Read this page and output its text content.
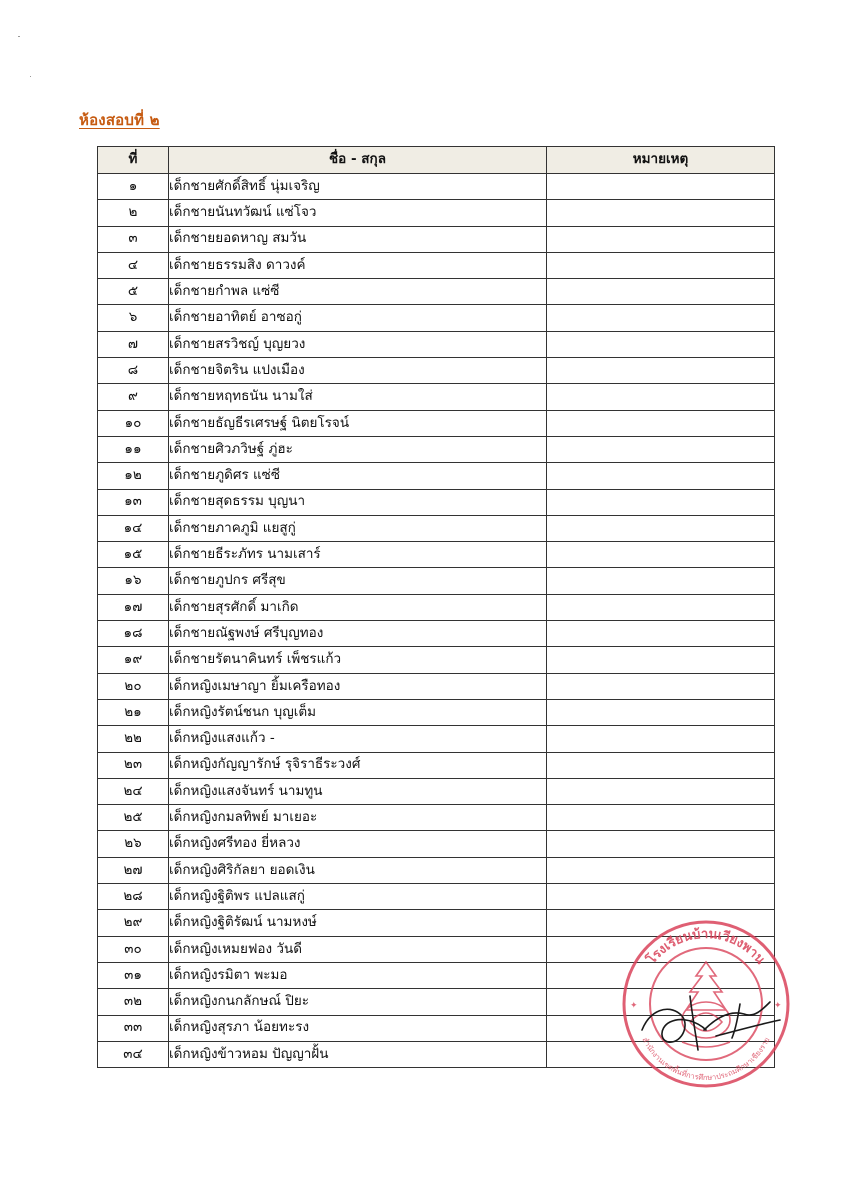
ห้องสอบที่ ๒
ที่	ชื่อ - สกุล	หมายเหตุ
๑	เด็กชายศักดิ์สิทธิ์ นุ่มเจริญ	
๒	เด็กชายนันทวัฒน์ แซ่โจว	
๓	เด็กชายยอดหาญ สมวัน	
๔	เด็กชายธรรมสิง ดาวงค์	
๕	เด็กชายกำพล แซ่ซี	
๖	เด็กชายอาทิตย์ อาซอกู่	
๗	เด็กชายสรวิชญ์ บุญยวง	
๘	เด็กชายจิตริน แปงเมือง	
๙	เด็กชายหฤทธนัน นามใส่	
๑๐	เด็กชายธัญธีรเศรษฐ์ นิตยโรจน์	
๑๑	เด็กชายศิวภวิษฐ์ ภู่ฮะ	
๑๒	เด็กชายภูดิศร แซ่ซี	
๑๓	เด็กชายสุดธรรม บุญนา	
๑๔	เด็กชายภาคภูมิ แยสูกู่	
๑๕	เด็กชายธีระภัทร นามเสาร์	
๑๖	เด็กชายภูปกร ศรีสุข	
๑๗	เด็กชายสุรศักดิ์ มาเกิด	
๑๘	เด็กชายณัฐพงษ์ ศรีบุญทอง	
๑๙	เด็กชายรัตนาคินทร์ เพ็ชรแก้ว	
๒๐	เด็กหญิงเมษาญา ยิ้มเครือทอง	
๒๑	เด็กหญิงรัตน์ชนก บุญเต็ม	
๒๒	เด็กหญิงแสงแก้ว -	
๒๓	เด็กหญิงกัญญารักษ์ รุจิราธีระวงศ์	
๒๔	เด็กหญิงแสงจันทร์ นามทูน	
๒๕	เด็กหญิงกมลทิพย์ มาเยอะ	
๒๖	เด็กหญิงศรีทอง ยี่หลวง	
๒๗	เด็กหญิงศิริกัลยา ยอดเงิน	
๒๘	เด็กหญิงฐิติพร แปลแสกู่	
๒๙	เด็กหญิงฐิติรัฒน์ นามหงษ์	
๓๐	เด็กหญิงเหมยฟอง วันดี	
๓๑	เด็กหญิงรมิตา พะมอ	
๓๒	เด็กหญิงกนกลักษณ์ ปิยะ	
๓๓	เด็กหญิงสุรภา น้อยทะรง	
๓๔	เด็กหญิงข้าวหอม ปัญญาฝั้น	
โรงเรียนบ้านเวียงพาน
สำนักงานเขตพื้นที่การศึกษาประถมศึกษาเชียงราย
✦	✦
